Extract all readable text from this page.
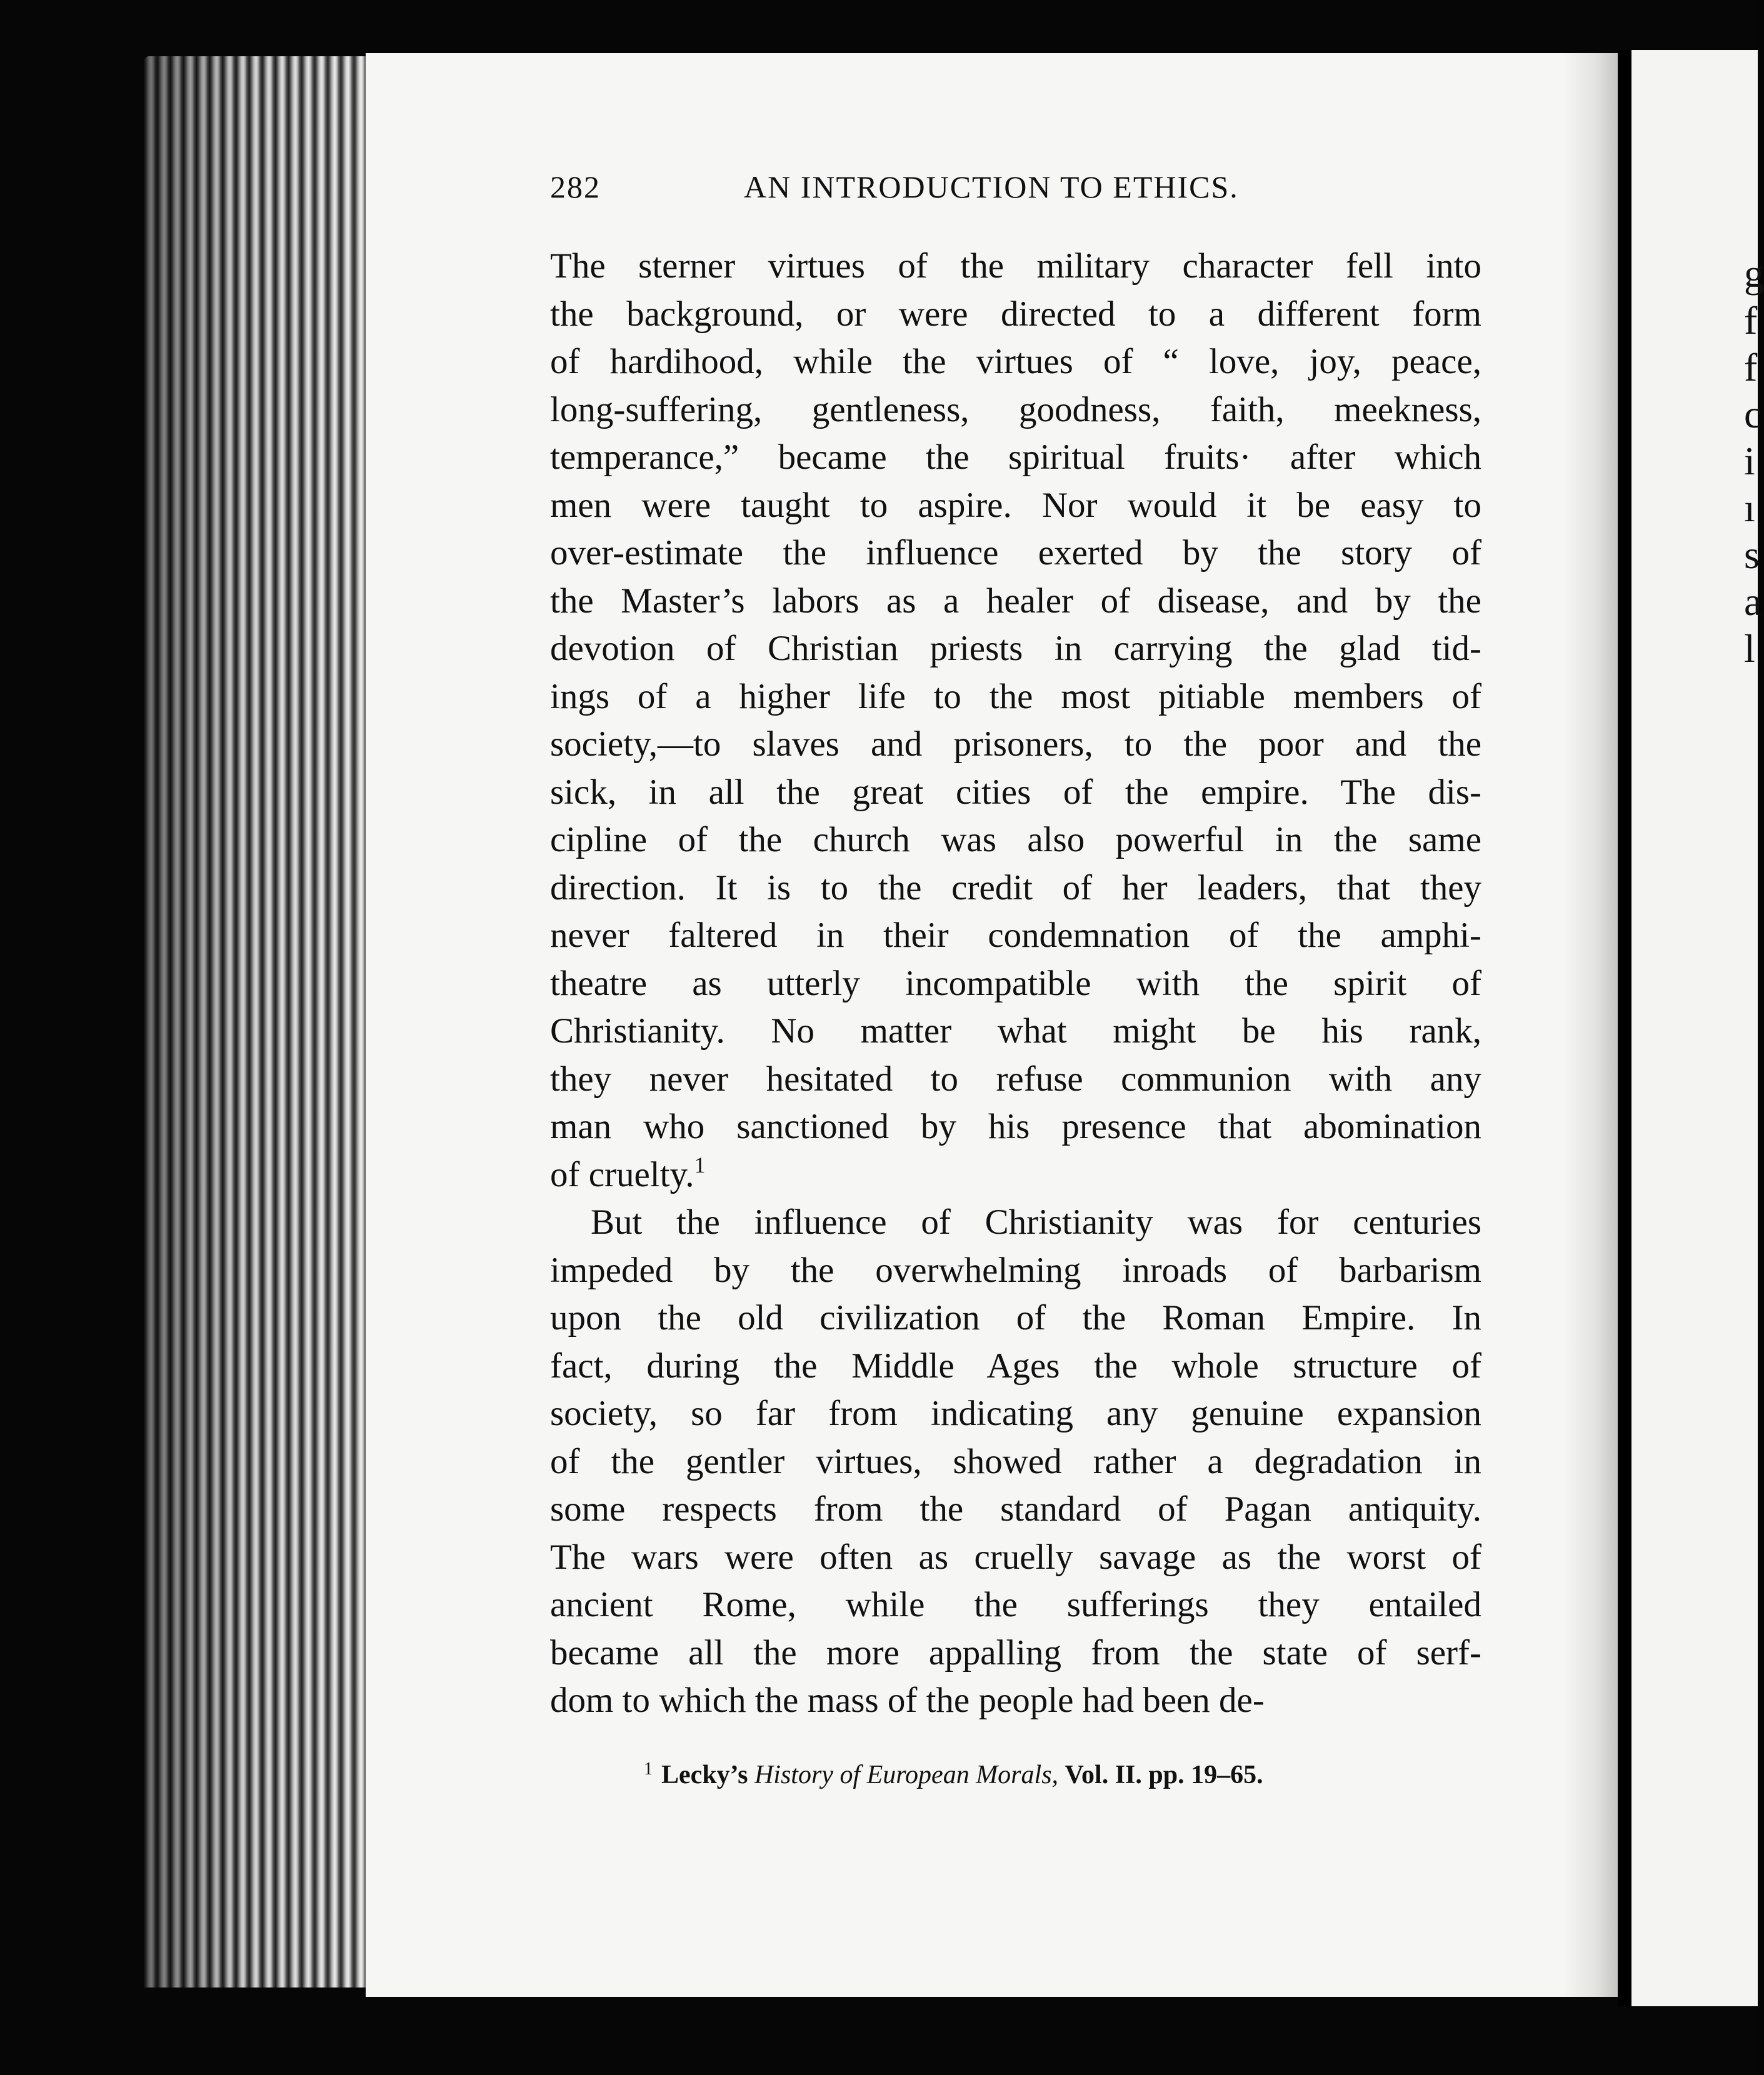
g
f
f
c
i
ı
s
a
l
282	AN INTRODUCTION TO ETHICS.
The sterner virtues of the military character fell into
the background, or were directed to a different form
of hardihood, while the virtues of “ love, joy, peace,
long-suffering, gentleness, goodness, faith, meekness,
temperance,” became the spiritual fruits· after which
men were taught to aspire. Nor would it be easy to
over-estimate the influence exerted by the story of
the Master’s labors as a healer of disease, and by the
devotion of Christian priests in carrying the glad tid-
ings of a higher life to the most pitiable members of
society,—to slaves and prisoners, to the poor and the
sick, in all the great cities of the empire. The dis-
cipline of the church was also powerful in the same
direction. It is to the credit of her leaders, that they
never faltered in their condemnation of the amphi-
theatre as utterly incompatible with the spirit of
Christianity. No matter what might be his rank,
they never hesitated to refuse communion with any
man who sanctioned by his presence that abomination
of cruelty.$^1$
But the influence of Christianity was for centuries
impeded by the overwhelming inroads of barbarism
upon the old civilization of the Roman Empire. In
fact, during the Middle Ages the whole structure of
society, so far from indicating any genuine expansion
of the gentler virtues, showed rather a degradation in
some respects from the standard of Pagan antiquity.
The wars were often as cruelly savage as the worst of
ancient Rome, while the sufferings they entailed
became all the more appalling from the state of serf-
dom to which the mass of the people had been de-
$^1$ Lecky’s History of European Morals, Vol. II. pp. 19–65.
